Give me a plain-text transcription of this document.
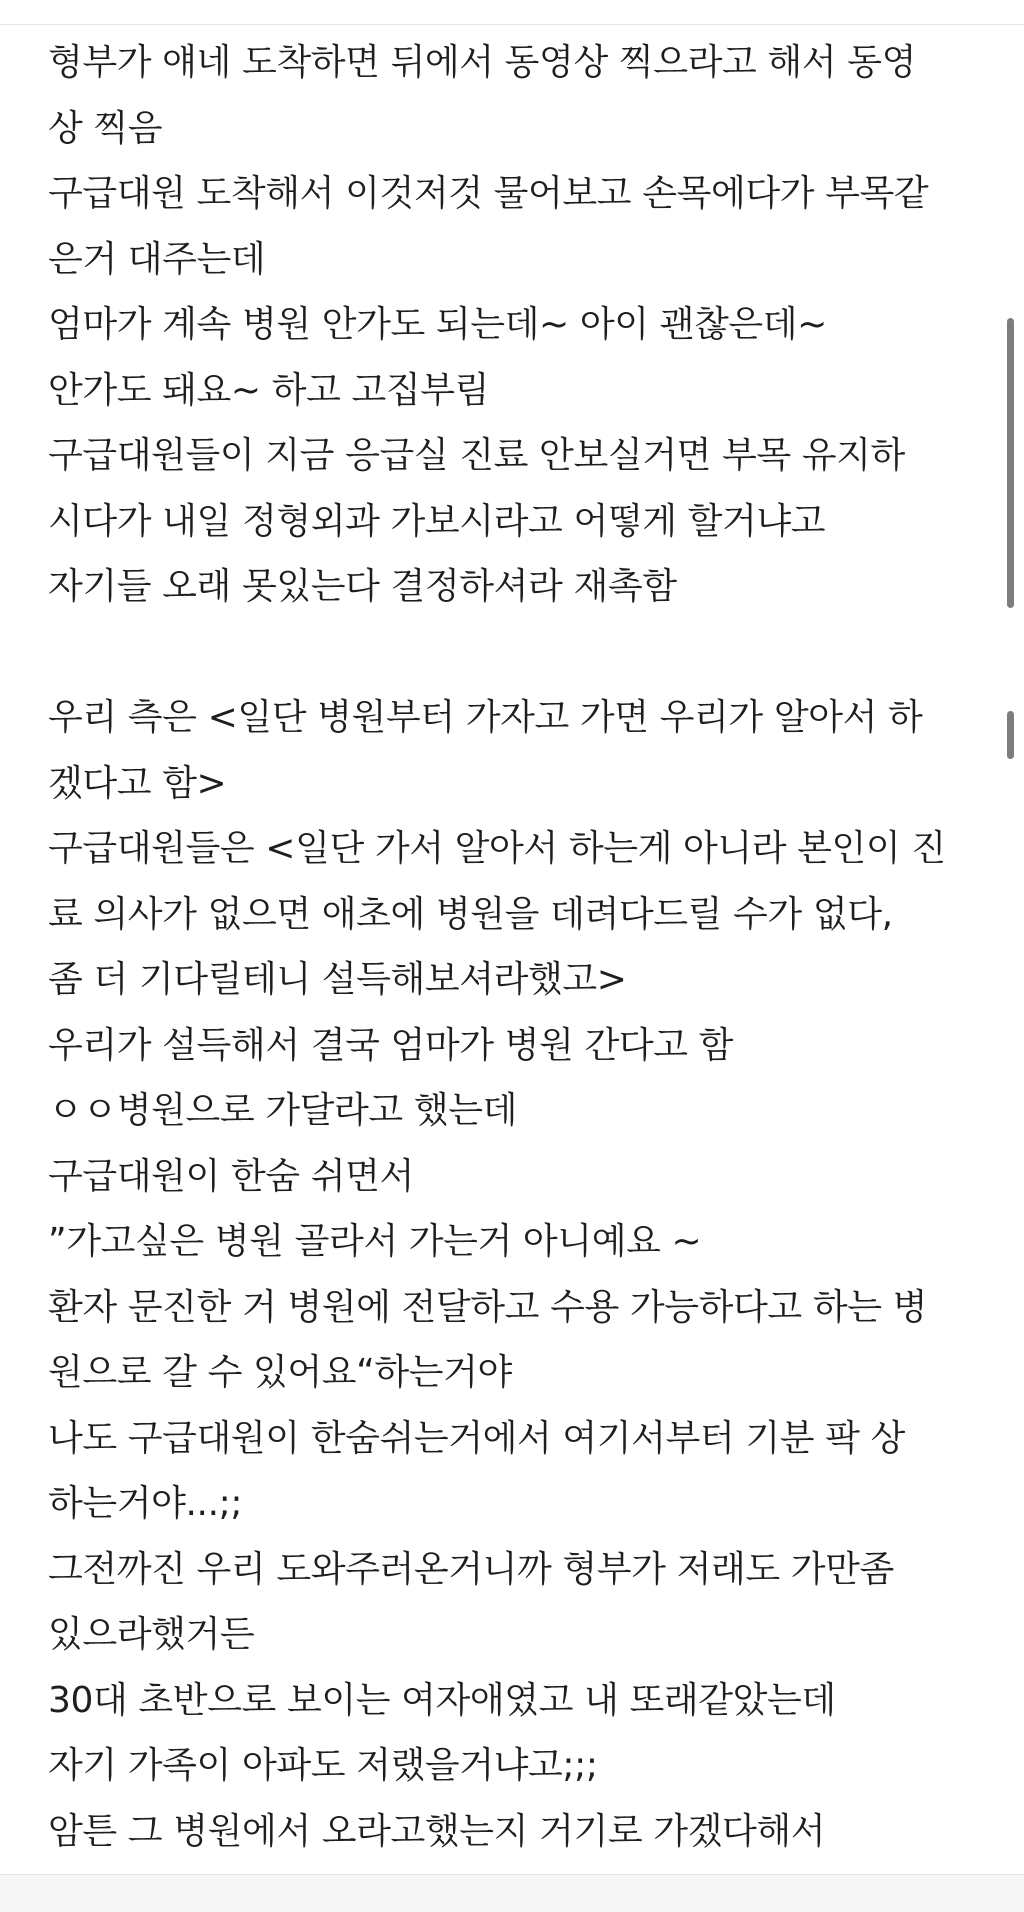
형부가 얘네 도착하면 뒤에서 동영상 찍으라고 해서 동영
상 찍음
구급대원 도착해서 이것저것 물어보고 손목에다가 부목같
은거 대주는데
엄마가 계속 병원 안가도 되는데~ 아이 괜찮은데~
안가도 돼요~ 하고 고집부림
구급대원들이 지금 응급실 진료 안보실거면 부목 유지하
시다가 내일 정형외과 가보시라고 어떻게 할거냐고
자기들 오래 못있는다 결정하셔라 재촉함
우리 측은 <일단 병원부터 가자고 가면 우리가 알아서 하
겠다고 함>
구급대원들은 <일단 가서 알아서 하는게 아니라 본인이 진
료 의사가 없으면 애초에 병원을 데려다드릴 수가 없다,
좀 더 기다릴테니 설득해보셔라했고>
우리가 설득해서 결국 엄마가 병원 간다고 함
ㅇㅇ병원으로 가달라고 했는데
구급대원이 한숨 쉬면서
”가고싶은 병원 골라서 가는거 아니예요 ~
환자 문진한 거 병원에 전달하고 수용 가능하다고 하는 병
원으로 갈 수 있어요“하는거야
나도 구급대원이 한숨쉬는거에서 여기서부터 기분 팍 상
하는거야...;;
그전까진 우리 도와주러온거니까 형부가 저래도 가만좀
있으라했거든
30대 초반으로 보이는 여자애였고 내 또래같았는데
자기 가족이 아파도 저랬을거냐고;;;
암튼 그 병원에서 오라고했는지 거기로 가겠다해서
